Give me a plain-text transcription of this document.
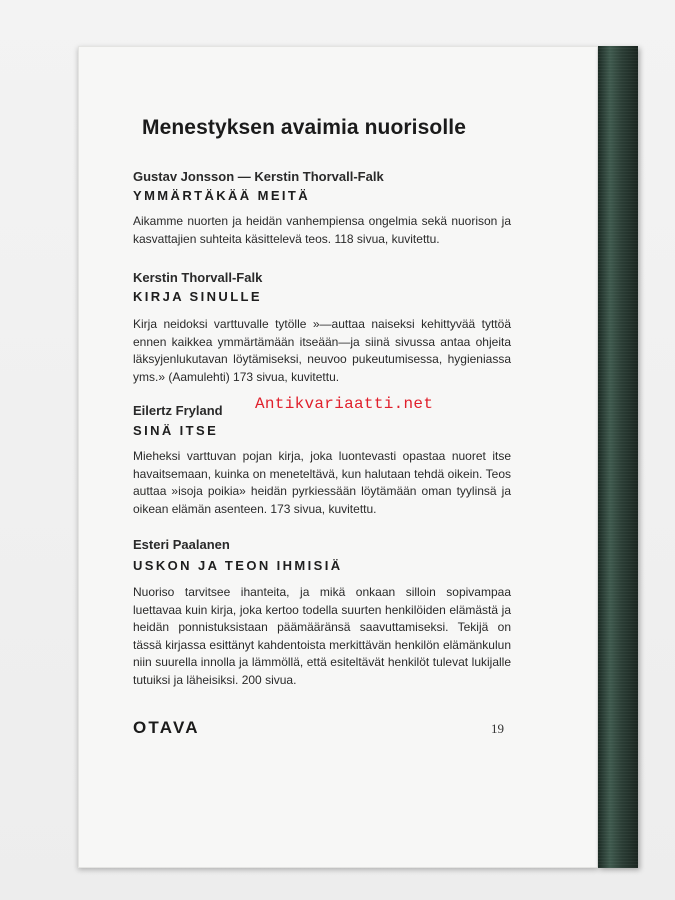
Menestyksen avaimia nuorisolle

Gustav Jonsson — Kerstin Thorvall-Falk

YMMÄRTÄKÄÄ MEITÄ

Aikamme nuorten ja heidän vanhempiensa ongelmia sekä nuorison ja kasvattajien suhteita käsittelevä teos. 118 sivua, kuvitettu.

Kerstin Thorvall-Falk

KIRJA SINULLE

Kirja neidoksi varttuvalle tytölle »—auttaa naiseksi kehittyvää tyttöä ennen kaikkea ymmärtämään itseään—ja siinä sivussa antaa ohjeita läksyjenlukutavan löytämiseksi, neuvoo pukeutumisessa, hygieniassa yms.» (Aamulehti) 173 sivua, kuvitettu.

Eilertz Fryland

SINÄ ITSE

Mieheksi varttuvan pojan kirja, joka luontevasti opastaa nuoret itse havaitsemaan, kuinka on meneteltävä, kun halutaan tehdä oikein. Teos auttaa »isoja poikia» heidän pyrkiessään löytämään oman tyylinsä ja oikean elämän asenteen. 173 sivua, kuvitettu.

Esteri Paalanen

USKON JA TEON IHMISIÄ

Nuoriso tarvitsee ihanteita, ja mikä onkaan silloin sopivampaa luettavaa kuin kirja, joka kertoo todella suurten henkilöiden elämästä ja heidän ponnistuksistaan päämääränsä saavuttamiseksi. Tekijä on tässä kirjassa esittänyt kahdentoista merkittävän henkilön elämänkulun niin suurella innolla ja lämmöllä, että esiteltävät henkilöt tulevat lukijalle tutuiksi ja läheisiksi. 200 sivua.

OTAVA	19

Antikvariaatti.net
